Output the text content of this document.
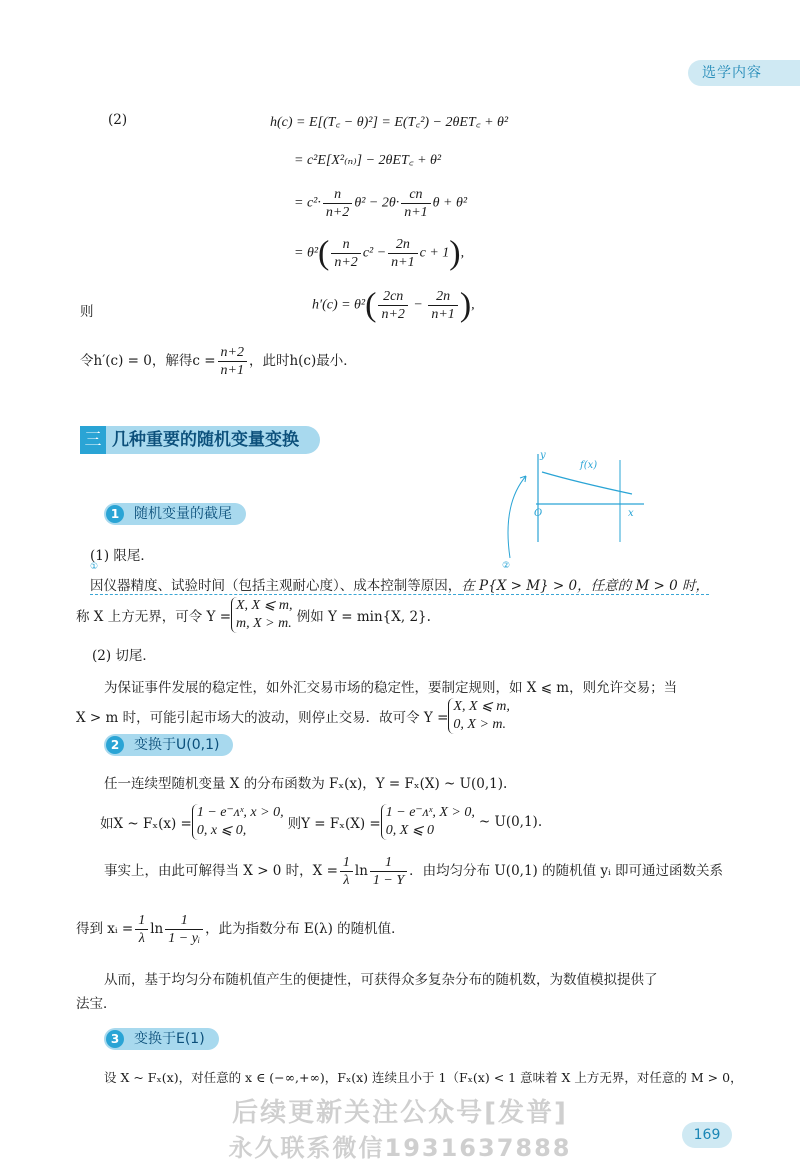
选学内容
(2)	h(c) = E[(T꜀ − θ)²] = E(T꜀²) − 2θET꜀ + θ²
= c²E[X²₍ₙ₎] − 2θET꜀ + θ²
= $c^2\cdot \frac{n}{n+2} \theta^2 - 2\theta\cdot \frac{cn}{n+1}$ θ + θ²
= $\theta^2( \frac{n}{n+2} c^2 - \frac{2n}{n+1}$ c + 1),
则	$h'(c) = \theta^2( \frac{2cn}{n+2} - \frac{2n}{n+1}$ ),
令h′(c) = 0，解得$c = \frac{n+2}{n+1}$ ，此时h(c)最小．
三 几种重要的随机变量变换
y
f(x)
O	x
②
1	随机变量的截尾
(1) 限尾．
①
因仪器精度、试验时间（包括主观耐心度）、成本控制等原因，在 P{X > M} > 0，任意的 M > 0 时，
称 X 上方无界，可令 Y =
X, X ⩽ m,
m, X > m. 例如 Y = min{X, 2}.
(2) 切尾．
为保证事件发展的稳定性，如外汇交易市场的稳定性，要制定规则，如 X ⩽ m，则允许交易；当
X > m 时，可能引起市场大的波动，则停止交易．故可令 Y =
X, X ⩽ m,
0, X > m.
2	变换于U(0,1)
任一连续型随机变量 X 的分布函数为 Fₓ(x)，Y = Fₓ(X) ~ U(0,1).
如X ~ Fₓ(x) =
1 − e⁻ᴧˣ, x > 0,
0, x ⩽ 0,	则Y = Fₓ(X) =
1 − e⁻ᴧˣ, X > 0,
0, X ⩽ 0
~ U(0,1).
事实上，由此可解得当 X > 0 时，$X = \frac{1}{\lambda}$ $\ln \frac{1}{1 - Y}$ ．由均匀分布 U(0,1) 的随机值 yᵢ 即可通过函数关系
得到 xᵢ = $\frac{1}{\lambda}$ $\ln \frac{1}{\text{1 − yᵢ}}$ ，此为指数分布 E(λ) 的随机值．
从而，基于均匀分布随机值产生的便捷性，可获得众多复杂分布的随机数，为数值模拟提供了
法宝．
3	变换于E(1)
设 X ~ Fₓ(x)，对任意的 x ∈ (−∞,+∞)，Fₓ(x) 连续且小于 1（Fₓ(x) < 1 意味着 X 上方无界，对任意的 M > 0，
后续更新关注公众号[发普]
永久联系微信1931637888	169
